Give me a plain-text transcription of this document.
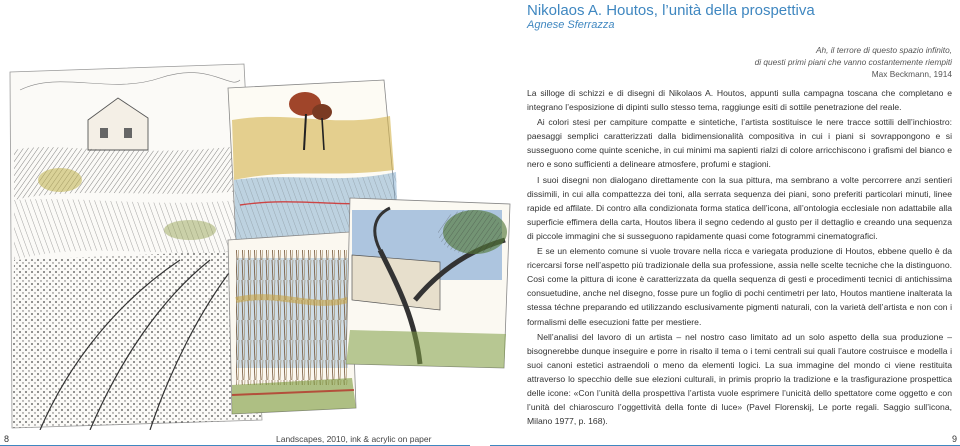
Nikolaos A. Houtos, l’unità della prospettiva
Agnese Sferrazza
Ah, il terrore di questo spazio infinito,
di questi primi piani che vanno costantemente riempiti
Max Beckmann, 1914

La silloge di schizzi e di disegni di Nikolaos A. Houtos, appunti sulla campagna toscana che completano e integrano l’esposizione di dipinti sullo stesso tema, raggiunge esiti di sottile penetrazione del reale.

Ai colori stesi per campiture compatte e sintetiche, l’artista sostituisce le nere tracce sottili dell’inchiostro: paesaggi semplici caratterizzati dalla bidimensionalità compositiva in cui i piani si sovrappongono e si susseguono come quinte sceniche, in cui minimi ma sapienti rialzi di colore arricchiscono i grafismi del bianco e nero e sono sufficienti a delineare atmosfere, profumi e stagioni.

I suoi disegni non dialogano direttamente con la sua pittura, ma sembrano a volte percorrere anzi sentieri dissimili, in cui alla compattezza dei toni, alla serrata sequenza dei piani, sono preferiti particolari minuti, linee rapide ed affilate. Di contro alla condizionata forma statica dell’icona, all’ontologia ecclesiale non adattabile alla superficie effimera della carta, Houtos libera il segno cedendo al gusto per il dettaglio e creando una sequenza di piccole immagini che si susseguono rapidamente quasi come fotogrammi cinematografici.

E se un elemento comune si vuole trovare nella ricca e variegata produzione di Houtos, ebbene quello è da ricercarsi forse nell’aspetto più tradizionale della sua professione, assia nelle scelte tecniche che la distinguono. Così come la pittura di icone è caratterizzata da quella sequenza di gesti e procedimenti tecnici di antichissima consuetudine, anche nel disegno, fosse pure un foglio di pochi centimetri per lato, Houtos mantiene inalterata la stessa téchne preparando ed utilizzando esclusivamente pigmenti naturali, con la varietà dell’artista e non con i formalismi delle esecuzioni fatte per mestiere.

Nell’analisi del lavoro di un artista – nel nostro caso limitato ad un solo aspetto della sua produzione – bisognerebbe dunque inseguire e porre in risalto il tema o i temi centrali sui quali l’autore costruisce e modella i suoi canoni estetici astraendoli o meno da elementi logici. La sua immagine del mondo ci viene restituita attraverso lo specchio delle sue elezioni culturali, in primis proprio la tradizione e la trasfigurazione prospettica delle icone: «Con l’unità della prospettiva l’artista vuole esprimere l’unicità dello spettatore come oggetto e con l’unità del chiaroscuro l’oggettività della fonte di luce» (Pavel Florenskij, Le porte regali. Saggio sull’icona, Milano 1977, p. 168).

8	Landscapes, 2010, ink & acrylic on paper	9
